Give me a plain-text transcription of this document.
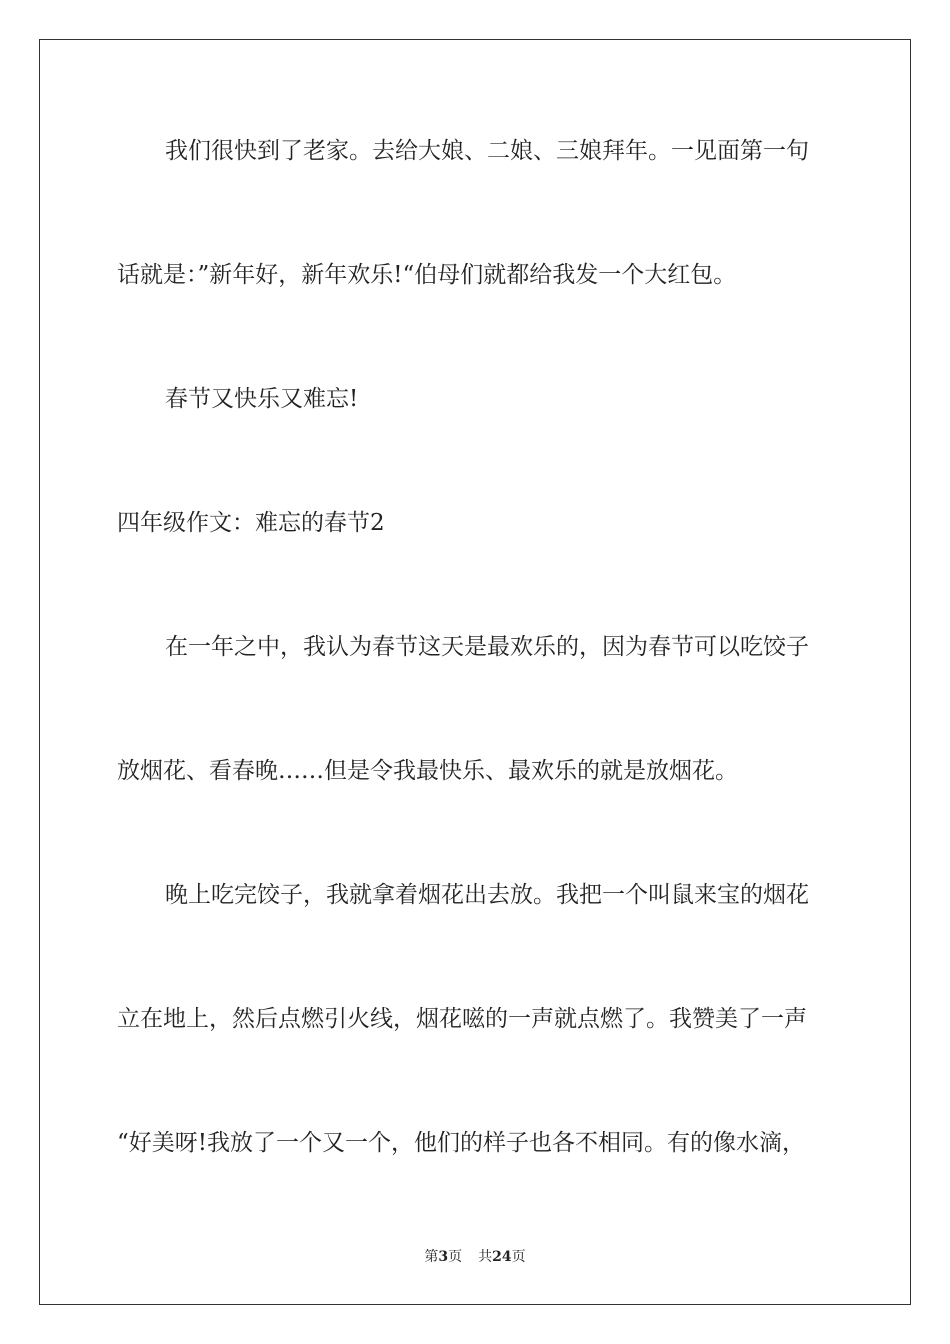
我们很快到了老家。去给大娘、二娘、三娘拜年。一见面第一句
话就是：”新年好，新年欢乐!“伯母们就都给我发一个大红包。
春节又快乐又难忘!
四年级作文：难忘的春节2
在一年之中，我认为春节这天是最欢乐的，因为春节可以吃饺子
放烟花、看春晚……但是令我最快乐、最欢乐的就是放烟花。
晚上吃完饺子，我就拿着烟花出去放。我把一个叫鼠来宝的烟花
立在地上，然后点燃引火线，烟花嗞的一声就点燃了。我赞美了一声
“好美呀!我放了一个又一个，他们的样子也各不相同。有的像水滴，
第3页 共24页
